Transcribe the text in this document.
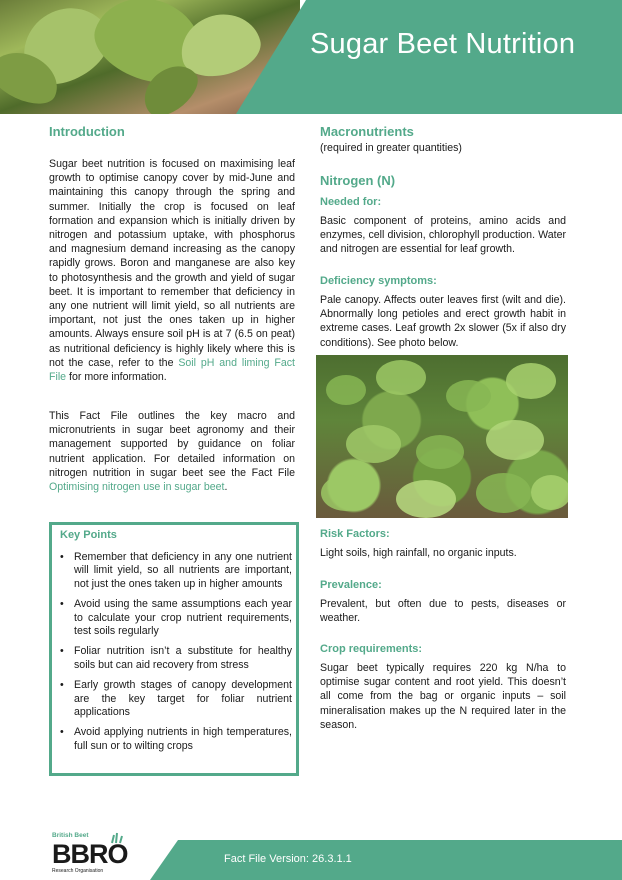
Sugar Beet Nutrition
Introduction

Sugar beet nutrition is focused on maximising leaf growth to optimise canopy cover by mid-June and maintaining this canopy through the spring and summer. Initially the crop is focused on leaf formation and expansion which is initially driven by nitrogen and potassium uptake, with phosphorus and magnesium demand increasing as the canopy rapidly grows. Boron and manganese are also key to photosynthesis and the growth and yield of sugar beet. It is important to remember that deficiency in any one nutrient will limit yield, so all nutrients are important, not just the ones taken up in higher amounts. Always ensure soil pH is at 7 (6.5 on peat) as nutritional deficiency is highly likely where this is not the case, refer to the Soil pH and liming Fact File for more information.

This Fact File outlines the key macro and micronutrients in sugar beet agronomy and their management supported by guidance on foliar nutrient application. For detailed information on nitrogen nutrition in sugar beet see the Fact File Optimising nitrogen use in sugar beet.

Key Points
• Remember that deficiency in any one nutrient will limit yield, so all nutrients are important, not just the ones taken up in higher amounts
• Avoid using the same assumptions each year to calculate your crop nutrient requirements, test soils regularly
• Foliar nutrition isn’t a substitute for healthy soils but can aid recovery from stress
• Early growth stages of canopy development are the key target for foliar nutrient applications
• Avoid applying nutrients in high temperatures, full sun or to wilting crops
Macronutrients
(required in greater quantities)
Nitrogen (N)
Needed for:

Basic component of proteins, amino acids and enzymes, cell division, chlorophyll production. Water and nitrogen are essential for leaf growth.

Deficiency symptoms:

Pale canopy. Affects outer leaves first (wilt and die). Abnormally long petioles and erect growth habit in extreme cases. Leaf growth 2x slower (5x if also dry conditions). See photo below.

Risk Factors:

Light soils, high rainfall, no organic inputs.

Prevalence:

Prevalent, but often due to pests, diseases or weather.

Crop requirements:

Sugar beet typically requires 220 kg N/ha to optimise sugar content and root yield. This doesn’t all come from the bag or organic inputs – soil mineralisation makes up the N required later in the season.

British Beet
BBRO
Research Organisation
Fact File Version: 26.3.1.1
